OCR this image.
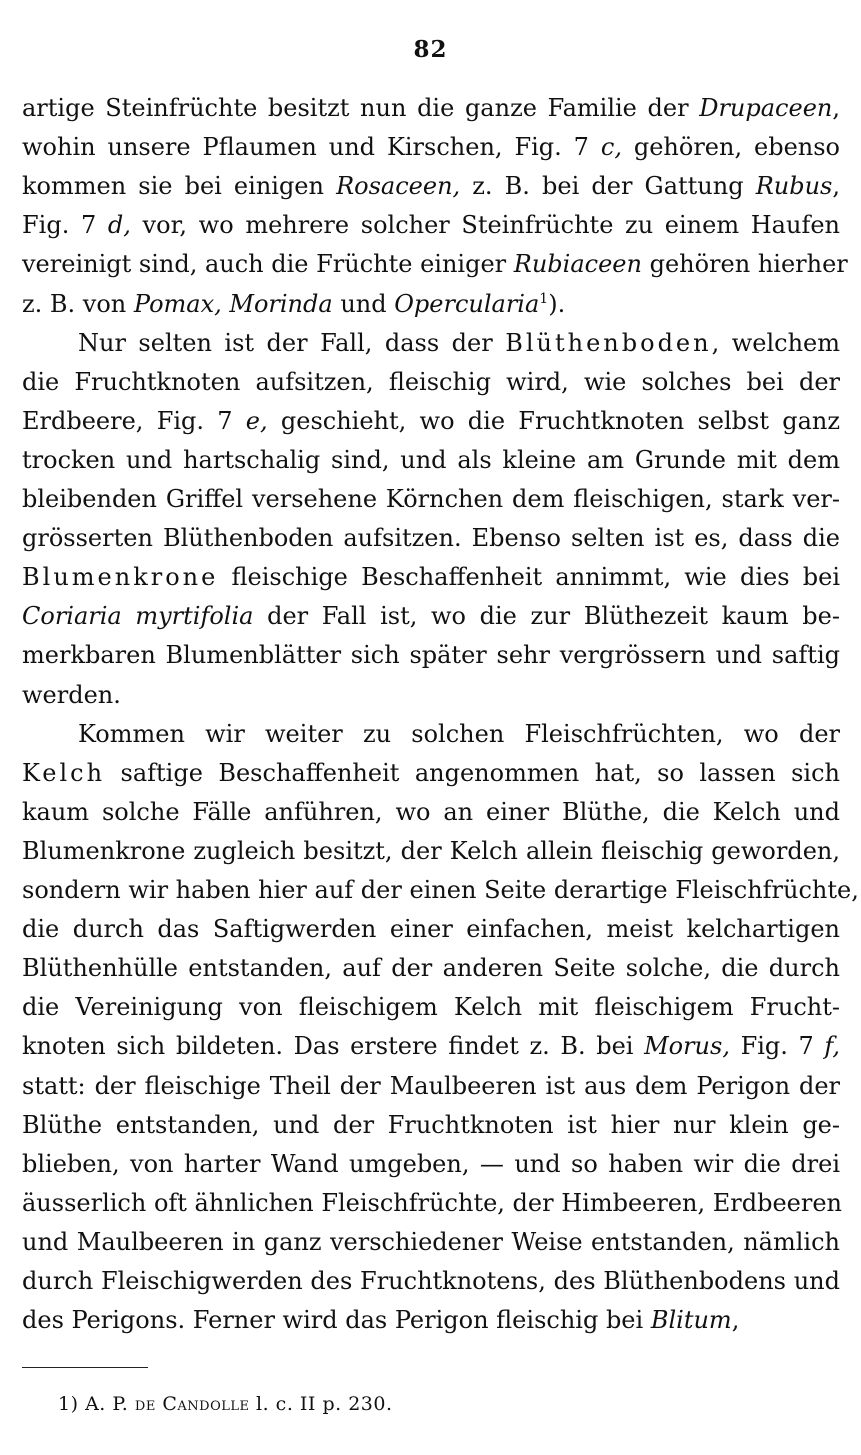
82
artige Steinfrüchte besitzt nun die ganze Familie der Drupaceen,
wohin unsere Pflaumen und Kirschen, Fig. 7 c, gehören, ebenso
kommen sie bei einigen Rosaceen, z. B. bei der Gattung Rubus,
Fig. 7 d, vor, wo mehrere solcher Steinfrüchte zu einem Haufen
vereinigt sind, auch die Früchte einiger Rubiaceen gehören hierher
z. B. von Pomax, Morinda und Opercularia$^1$).
Nur selten ist der Fall, dass der Blüthenboden, welchem
die Fruchtknoten aufsitzen, fleischig wird, wie solches bei der
Erdbeere, Fig. 7 e, geschieht, wo die Fruchtknoten selbst ganz
trocken und hartschalig sind, und als kleine am Grunde mit dem
bleibenden Griffel versehene Körnchen dem fleischigen, stark ver-
grösserten Blüthenboden aufsitzen. Ebenso selten ist es, dass die
Blumenkrone fleischige Beschaffenheit annimmt, wie dies bei
Coriaria myrtifolia der Fall ist, wo die zur Blüthezeit kaum be-
merkbaren Blumenblätter sich später sehr vergrössern und saftig
werden.
Kommen wir weiter zu solchen Fleischfrüchten, wo der
Kelch saftige Beschaffenheit angenommen hat, so lassen sich
kaum solche Fälle anführen, wo an einer Blüthe, die Kelch und
Blumenkrone zugleich besitzt, der Kelch allein fleischig geworden,
sondern wir haben hier auf der einen Seite derartige Fleischfrüchte,
die durch das Saftigwerden einer einfachen, meist kelchartigen
Blüthenhülle entstanden, auf der anderen Seite solche, die durch
die Vereinigung von fleischigem Kelch mit fleischigem Frucht-
knoten sich bildeten. Das erstere findet z. B. bei Morus, Fig. 7 f,
statt: der fleischige Theil der Maulbeeren ist aus dem Perigon der
Blüthe entstanden, und der Fruchtknoten ist hier nur klein ge-
blieben, von harter Wand umgeben, — und so haben wir die drei
äusserlich oft ähnlichen Fleischfrüchte, der Himbeeren, Erdbeeren
und Maulbeeren in ganz verschiedener Weise entstanden, nämlich
durch Fleischigwerden des Fruchtknotens, des Blüthenbodens und
des Perigons. Ferner wird das Perigon fleischig bei Blitum,
1) A. P. de Candolle l. c. II p. 230.
